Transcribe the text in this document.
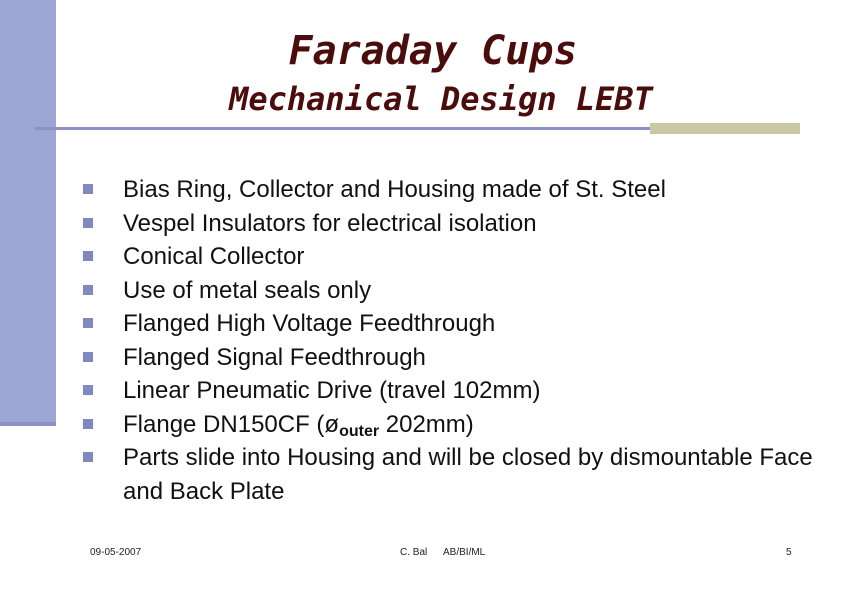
Faraday Cups
Mechanical Design LEBT
Bias Ring, Collector and Housing made of St. Steel
Vespel Insulators for electrical isolation
Conical Collector
Use of metal seals only
Flanged High Voltage Feedthrough
Flanged Signal Feedthrough
Linear Pneumatic Drive (travel 102mm)
Flange DN150CF ($ø_{outer}$ 202mm)
Parts slide into Housing and will be closed by dismountable Face and Back Plate
09-05-2007	C. Bal AB/BI/ML	5
